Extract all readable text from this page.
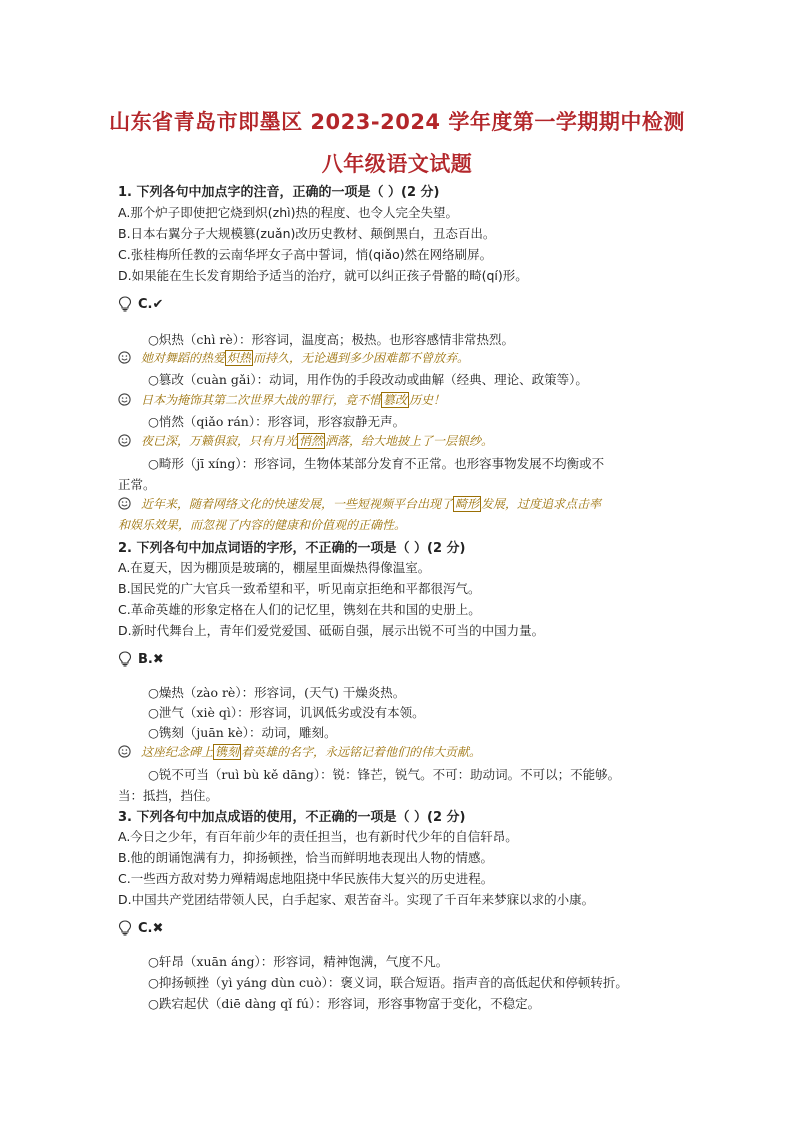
山东省青岛市即墨区 2023-2024 学年度第一学期期中检测
八年级语文试题
1. 下列各句中加点字的注音，正确的一项是（ ）(2 分)
A.那个炉子即使把它烧到炽(zhì)热的程度、也令人完全失望。
B.日本右翼分子大规模篡(zuǎn)改历史教材、颠倒黑白，丑态百出。
C.张桂梅所任教的云南华坪女子高中誓词，悄(qiǎo)然在网络刷屏。
D.如果能在生长发育期给予适当的治疗，就可以纠正孩子骨骼的畸(qí)形。
C.✔
○炽热（chì rè）：形容词，温度高；极热。也形容感情非常热烈。
她对舞蹈的热爱 炽热 而持久，无论遇到多少困难都不曾放弃。
○篡改（cuàn gǎi）：动词，用作伪的手段改动或曲解（经典、理论、政策等）。
日本为掩饰其第二次世界大战的罪行，竟不惜 篡改 历史！
○悄然（qiǎo rán）：形容词，形容寂静无声。
夜已深，万籁俱寂，只有月光 悄然 洒落，给大地披上了一层银纱。
○畸形（jī xíng）：形容词，生物体某部分发育不正常。也形容事物发展不均衡或不
正常。
近年来，随着网络文化的快速发展，一些短视频平台出现了 畸形 发展，过度追求点击率
和娱乐效果，而忽视了内容的健康和价值观的正确性。
2. 下列各句中加点词语的字形，不正确的一项是（ ）(2 分)
A.在夏天，因为棚顶是玻璃的，棚屋里面燥热得像温室。
B.国民党的广大官兵一致希望和平，听见南京拒绝和平都很泻气。
C.革命英雄的形象定格在人们的记忆里，镌刻在共和国的史册上。
D.新时代舞台上，青年们爱党爱国、砥砺自强，展示出锐不可当的中国力量。
B.✖
○燥热（zào rè）：形容词，(天气) 干燥炎热。
○泄气（xiè qì）：形容词，讥讽低劣或没有本领。
○镌刻（juān kè）：动词，雕刻。
这座纪念碑上 镌刻 着英雄的名字，永远铭记着他们的伟大贡献。
○锐不可当（ruì bù kě dāng）：锐：锋芒，锐气。不可：助动词。不可以；不能够。
当：抵挡，挡住。
3. 下列各句中加点成语的使用，不正确的一项是（ ）(2 分)
A.今日之少年，有百年前少年的责任担当，也有新时代少年的自信轩昂。
B.他的朗诵饱满有力，抑扬顿挫，恰当而鲜明地表现出人物的情感。
C.一些西方敌对势力殚精竭虑地阻挠中华民族伟大复兴的历史进程。
D.中国共产党团结带领人民，白手起家、艰苦奋斗。实现了千百年来梦寐以求的小康。
C.✖
○轩昂（xuān áng）：形容词，精神饱满，气度不凡。
○抑扬顿挫（yì yáng dùn cuò）：褒义词，联合短语。指声音的高低起伏和停顿转折。
○跌宕起伏（diē dàng qǐ fú）：形容词，形容事物富于变化，不稳定。
